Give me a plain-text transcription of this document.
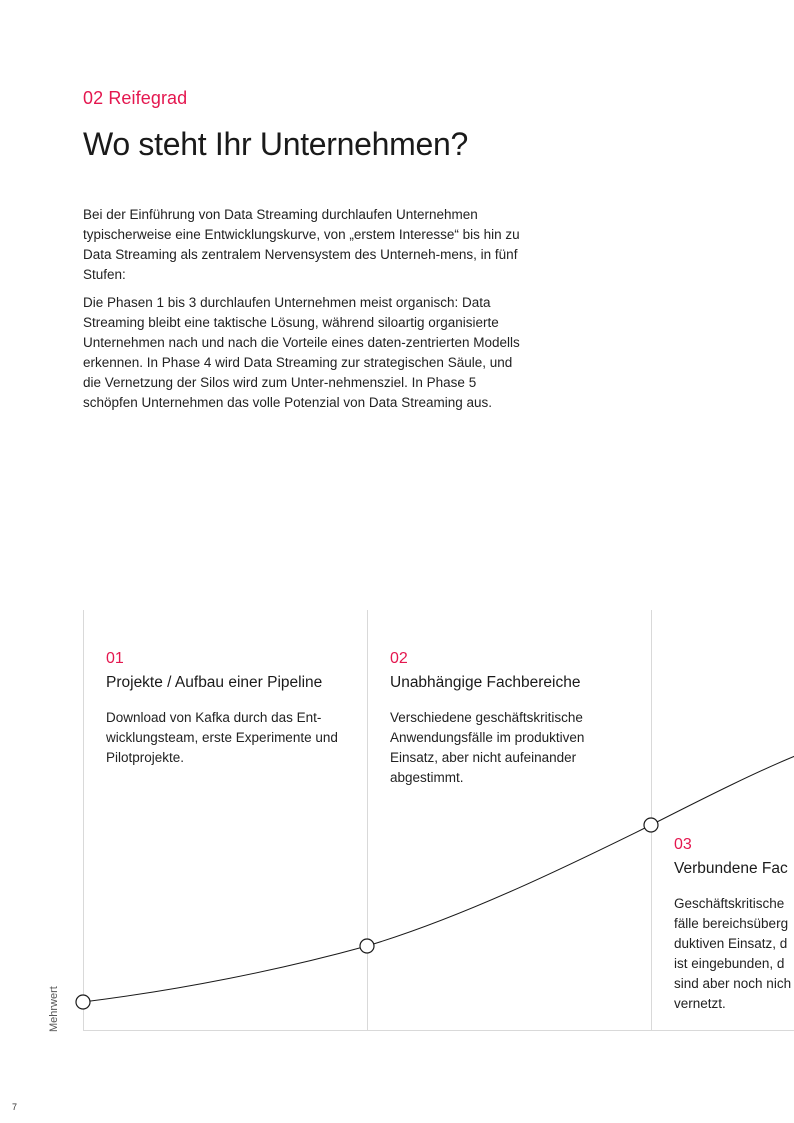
02 Reifegrad
Wo steht Ihr Unternehmen?

Bei der Einführung von Data Streaming durchlaufen Unternehmen typischerweise eine Entwicklungskurve, von „erstem Interesse“ bis hin zu Data Streaming als zentralem Nervensystem des Unterneh-mens, in fünf Stufen:

Die Phasen 1 bis 3 durchlaufen Unternehmen meist organisch: Data Streaming bleibt eine taktische Lösung, während siloartig organisierte Unternehmen nach und nach die Vorteile eines daten-zentrierten Modells erkennen. In Phase 4 wird Data Streaming zur strategischen Säule, und die Vernetzung der Silos wird zum Unter-nehmensziel. In Phase 5 schöpfen Unternehmen das volle Potenzial von Data Streaming aus.

Mehrwert
01
Projekte / Aufbau einer Pipeline
Download von Kafka durch das Ent-wicklungsteam, erste Experimente und Pilotprojekte.
02
Unabhängige Fachbereiche
Verschiedene geschäftskritische Anwendungsfälle im produktiven Einsatz, aber nicht aufeinander abgestimmt.
03
Verbundene Fac
Geschäftskritische fälle bereichsüberg duktiven Einsatz, d ist eingebunden, d sind aber noch nich vernetzt.
7
